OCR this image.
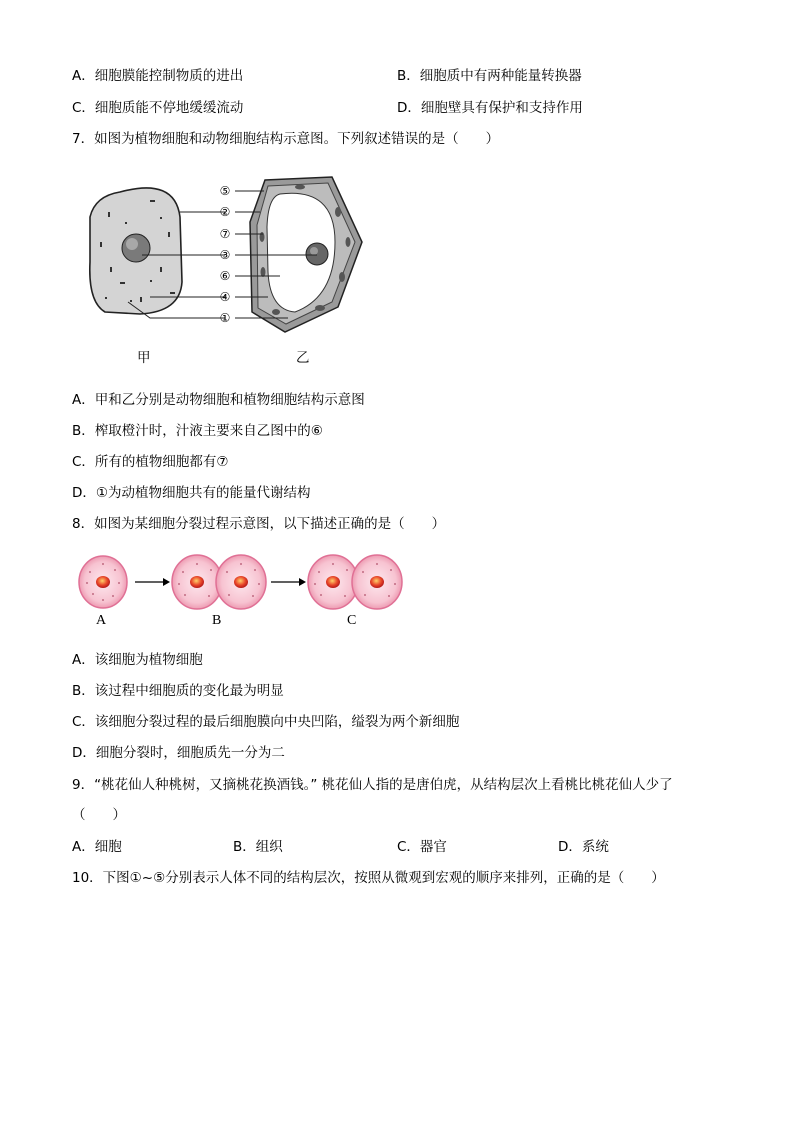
A．细胞膜能控制物质的进出	B．细胞质中有两种能量转换器
C．细胞质能不停地缓缓流动	D．细胞壁具有保护和支持作用
7．如图为植物细胞和动物细胞结构示意图。下列叙述错误的是（　　）
⑤
②
⑦
③
⑥
④
①
甲	乙
A．甲和乙分别是动物细胞和植物细胞结构示意图
B．榨取橙汁时，汁液主要来自乙图中的⑥
C．所有的植物细胞都有⑦
D．①为动植物细胞共有的能量代谢结构
8．如图为某细胞分裂过程示意图，以下描述正确的是（　　）
A	B	C
A．该细胞为植物细胞
B．该过程中细胞质的变化最为明显
C．该细胞分裂过程的最后细胞膜向中央凹陷，缢裂为两个新细胞
D．细胞分裂时，细胞质先一分为二
9．“桃花仙人种桃树，又摘桃花换酒钱。” 桃花仙人指的是唐伯虎，从结构层次上看桃比桃花仙人少了
（　　）
A．细胞	B．组织	C．器官	D．系统
10．下图①~⑤分别表示人体不同的结构层次，按照从微观到宏观的顺序来排列，正确的是（　　）
